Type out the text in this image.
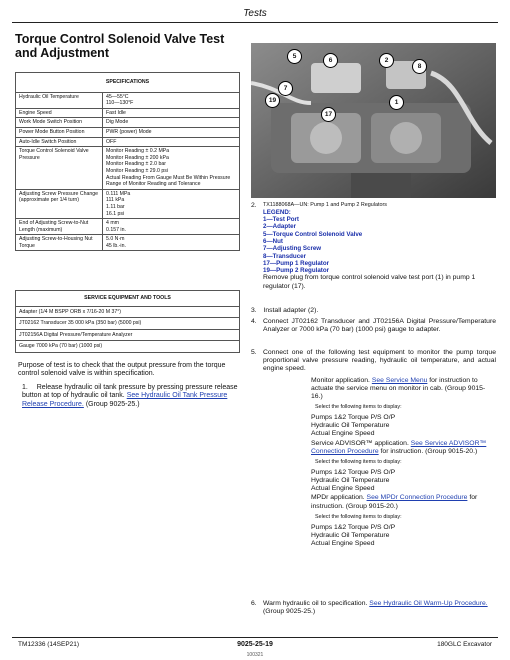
Tests
Torque Control Solenoid Valve Test and Adjustment
SPECIFICATIONS	
Hydraulic Oil Temperature	45—55°C
110—130°F

Engine Speed	Fast Idle

Work Mode Switch Position	Dig Mode

Power Mode Button Position	PWR (power) Mode

Auto-Idle Switch Position	OFF

Torque Control Solenoid Valve Pressure	Monitor Reading ± 0.2 MPa
Monitor Reading ± 200 kPa
Monitor Reading ± 2.0 bar
Monitor Reading ± 29.0 psi
Actual Reading From Gauge Must Be Within Pressure Range of Monitor Reading and Tolerance

Adjusting Screw Pressure Change (approximate per 1/4 turn)	0.111 MPa
111 kPa
1.11 bar
16.1 psi

End of Adjusting Screw-to-Nut Length (maximum)	4 mm
0.157 in.

Adjusting Screw-to-Housing Nut Torque	5.0 N·m
45 lb.-in.
SERVICE EQUIPMENT AND TOOLS
Adapter (1/4 M BSPP ORB x 7/16-20 M 37°)
JT02162 Transducer 35 000 kPa (350 bar) (5000 psi)
JT02156A Digital Pressure/Temperature Analyzer
Gauge 7000 kPa (70 bar) (1000 psi)
Purpose of test is to check that the output pressure from the torque control solenoid valve is within specification.
1. Release hydraulic oil tank pressure by pressing pressure release button at top of hydraulic oil tank. See Hydraulic Oil Tank Pressure Release Procedure. (Group 9025-25.)
5
6	2
8
7
19	1
17
2. TX1188068A—UN: Pump 1 and Pump 2 Regulators
LEGEND:
1—Test Port
2—Adapter
5—Torque Control Solenoid Valve
6—Nut
7—Adjusting Screw
8—Transducer
17—Pump 1 Regulator
19—Pump 2 Regulator
Remove plug from torque control solenoid valve test port (1) in pump 1 regulator (17).
3. Install adapter (2).
4. Connect JT02162 Transducer and JT02156A Digital Pressure/Temperature Analyzer or 7000 kPa (70 bar) (1000 psi) gauge to adapter.
5. Connect one of the following test equipment to monitor the pump torque proportional valve pressure reading, hydraulic oil temperature, and actual engine speed.
Monitor application. See Service Menu for instruction to actuate the service menu on monitor in cab. (Group 9015-16.)
Select the following items to display:
Pumps 1&2 Torque P/S O/P
Hydraulic Oil Temperature
Actual Engine Speed
Service ADVISOR™ application. See Service ADVISOR™ Connection Procedure for instruction. (Group 9015-20.)
Select the following items to display:
Pumps 1&2 Torque P/S O/P
Hydraulic Oil Temperature
Actual Engine Speed
MPDr application. See MPDr Connection Procedure for instruction. (Group 9015-20.)
Select the following items to display:
Pumps 1&2 Torque P/S O/P
Hydraulic Oil Temperature
Actual Engine Speed
6. Warm hydraulic oil to specification. See Hydraulic Oil Warm-Up Procedure. (Group 9025-25.)
TM12336 (14SEP21)	9025-25-19	180GLC Excavator
100321
